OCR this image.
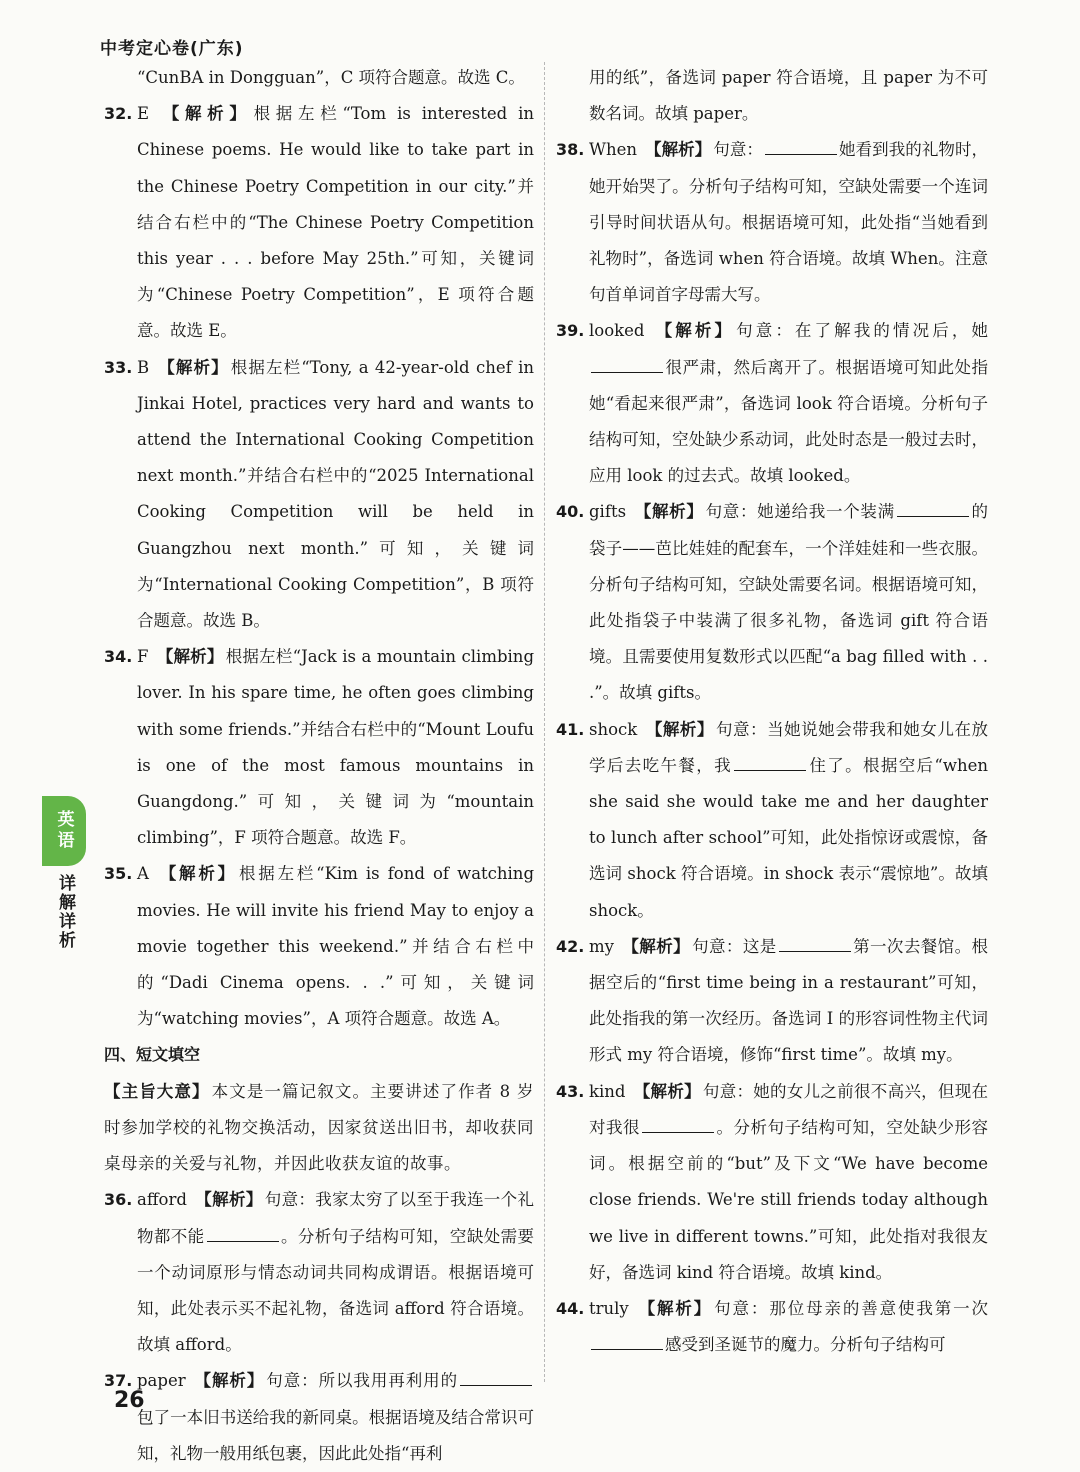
中考定心卷(广东)
英语
详解详析
“CunBA in Dongguan”，C 项符合题意。故选 C。
32. E 【解析】 根据左栏“Tom is interested in Chinese poems. He would like to take part in the Chinese Poetry Competition in our city.”并结合右栏中的“The Chinese Poetry Competition this year . . . before May 25th.”可知，关键词为“Chinese Poetry Competition”，E 项符合题意。故选 E。
33. B 【解析】 根据左栏“Tony, a 42-year-old chef in Jinkai Hotel, practices very hard and wants to attend the International Cooking Competition next month.”并结合右栏中的“2025 International Cooking Competition will be held in Guangzhou next month.”可知，关键词为“International Cooking Competition”，B 项符合题意。故选 B。
34. F 【解析】 根据左栏“Jack is a mountain climbing lover. In his spare time, he often goes climbing with some friends.”并结合右栏中的“Mount Loufu is one of the most famous mountains in Guangdong.”可知，关键词为“mountain climbing”，F 项符合题意。故选 F。
35. A 【解析】 根据左栏“Kim is fond of watching movies. He will invite his friend May to enjoy a movie together this weekend.”并结合右栏中的“Dadi Cinema opens. . .”可知，关键词为“watching movies”，A 项符合题意。故选 A。
四、短文填空
【主旨大意】 本文是一篇记叙文。主要讲述了作者 8 岁时参加学校的礼物交换活动，因家贫送出旧书，却收获同桌母亲的关爱与礼物，并因此收获友谊的故事。
36. afford 【解析】 句意：我家太穷了以至于我连一个礼物都不能	。分析句子结构可知，空缺处需要一个动词原形与情态动词共同构成谓语。根据语境可知，此处表示买不起礼物，备选词 afford 符合语境。故填 afford。
37. paper 【解析】 句意：所以我用再利用的包了一本旧书送给我的新同桌。根据语境及结合常识可知，礼物一般用纸包裹，因此此处指“再利
用的纸”，备选词 paper 符合语境，且 paper 为不可数名词。故填 paper。
38. When 【解析】 句意：	她看到我的礼物时，她开始哭了。分析句子结构可知，空缺处需要一个连词引导时间状语从句。根据语境可知，此处指“当她看到礼物时”，备选词 when 符合语境。故填 When。注意句首单词首字母需大写。
39. looked 【解析】 句意：在了解我的情况后，她很严肃，然后离开了。根据语境可知此处指她“看起来很严肃”，备选词 look 符合语境。分析句子结构可知，空处缺少系动词，此处时态是一般过去时，应用 look 的过去式。故填 looked。
40. gifts 【解析】 句意：她递给我一个装满	的袋子——芭比娃娃的配套车，一个洋娃娃和一些衣服。分析句子结构可知，空缺处需要名词。根据语境可知，此处指袋子中装满了很多礼物，备选词 gift 符合语境。且需要使用复数形式以匹配“a bag filled with . . .”。故填 gifts。
41. shock 【解析】 句意：当她说她会带我和她女儿在放学后去吃午餐，我	住了。根据空后“when she said she would take me and her daughter to lunch after school”可知，此处指惊讶或震惊，备选词 shock 符合语境。in shock 表示“震惊地”。故填 shock。
42. my 【解析】 句意：这是	第一次去餐馆。根据空后的“first time being in a restaurant”可知，此处指我的第一次经历。备选词 I 的形容词性物主代词形式 my 符合语境，修饰“first time”。故填 my。
43. kind 【解析】 句意：她的女儿之前很不高兴，但现在对我很	。分析句子结构可知，空处缺少形容词。根据空前的“but”及下文“We have become close friends. We're still friends today although we live in different towns.”可知，此处指对我很友好，备选词 kind 符合语境。故填 kind。
44. truly 【解析】 句意：那位母亲的善意使我第一次感受到圣诞节的魔力。分析句子结构可
26
